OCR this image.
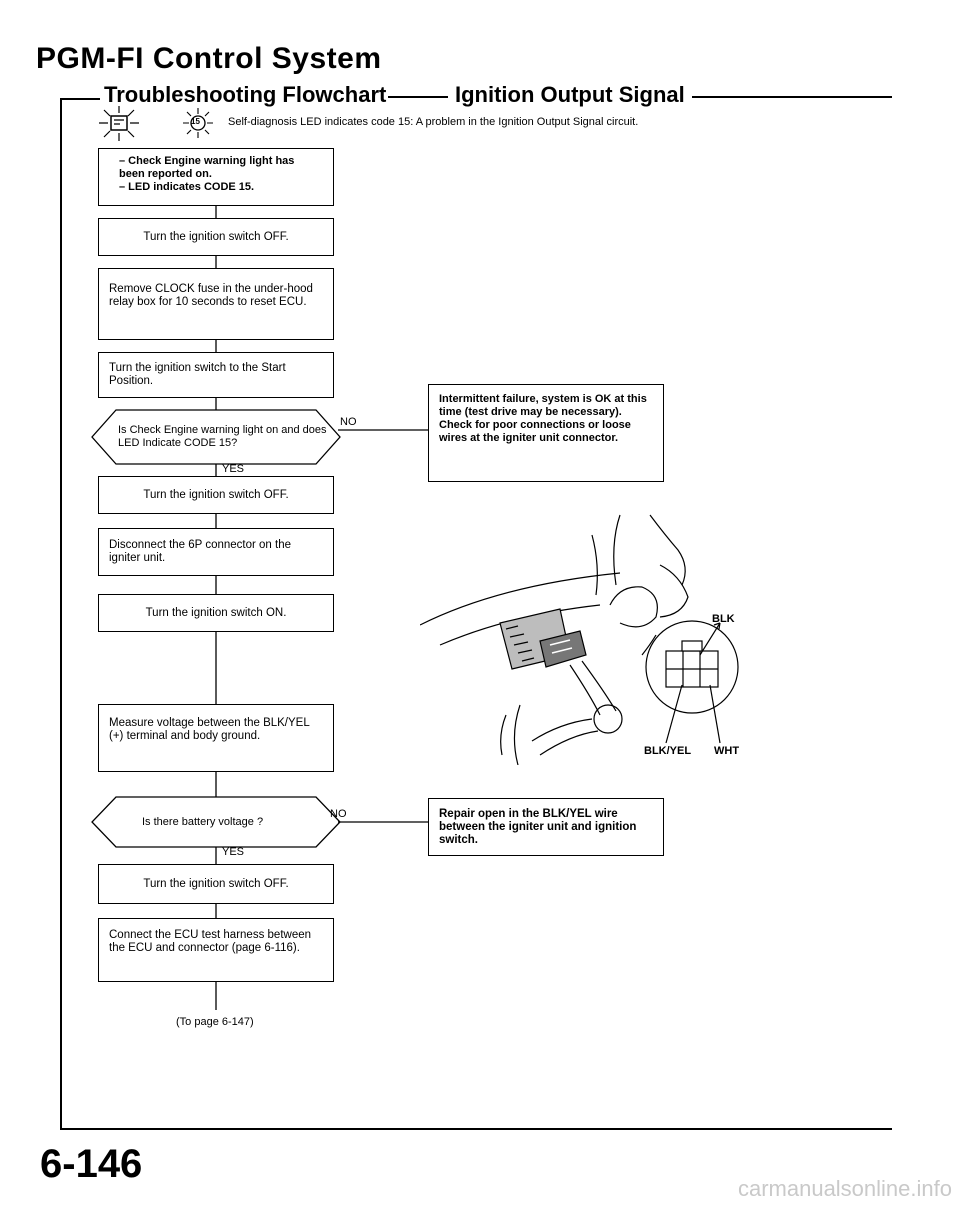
PGM-FI Control System
Troubleshooting Flowchart	Ignition Output Signal
15	Self-diagnosis LED indicates code 15: A problem in the Ignition Output Signal circuit.
– Check Engine warning light has been reported on.
– LED indicates CODE 15.
Turn the ignition switch OFF.
Remove CLOCK fuse in the under-hood relay box for 10 seconds to reset ECU.
Turn the ignition switch to the Start Position.
Is Check Engine warning light on and does LED Indicate CODE 15?
NO
YES
Intermittent failure, system is OK at this time (test drive may be necessary).
Check for poor connections or loose wires at the igniter unit connector.
Turn the ignition switch OFF.
Disconnect the 6P connector on the igniter unit.
Turn the ignition switch ON.
Measure voltage between the BLK/YEL (+) terminal and body ground.
Is there battery voltage ?
NO
YES
Repair open in the BLK/YEL wire between the igniter unit and ignition switch.
Turn the ignition switch OFF.
Connect the ECU test harness between the ECU and connector (page 6-116).
(To page 6-147)
BLK
BLK/YEL WHT
6-146
carmanualsonline.info
